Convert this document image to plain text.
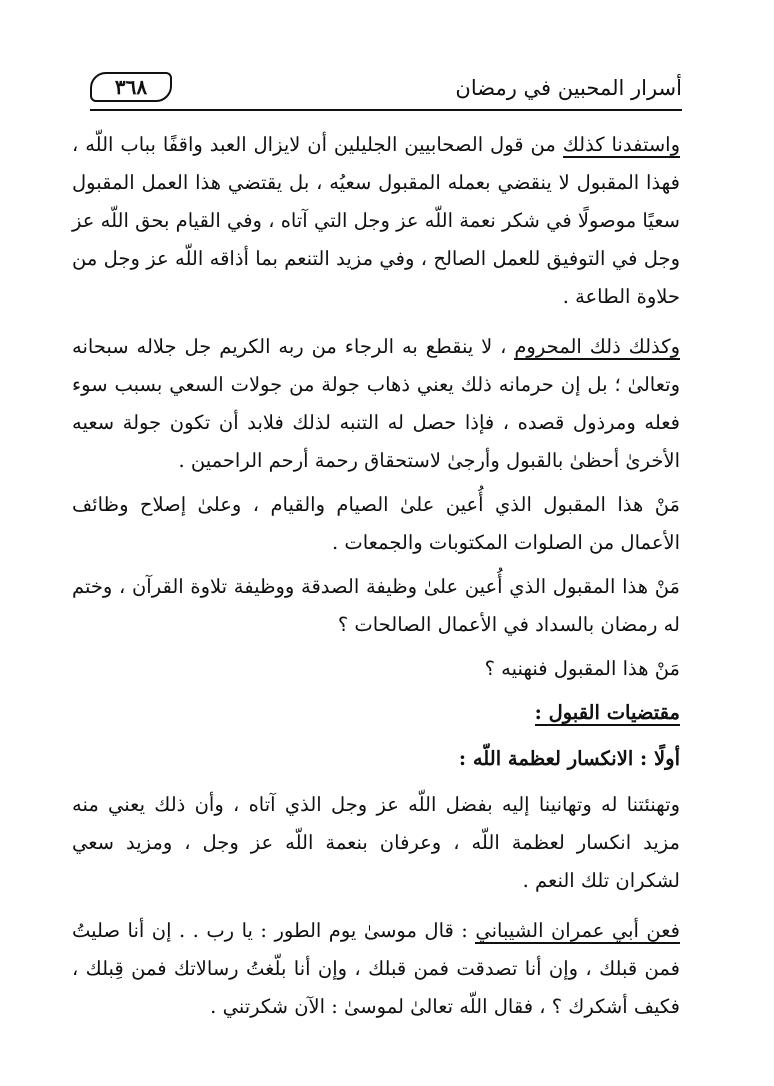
أسرار المحبين في رمضان
٣٦٨

واستفدنا كذلك من قول الصحابيين الجليلين أن لايزال العبد واقفًا بباب اللّه ، فهذا المقبول لا ينقضي بعمله المقبول سعيُه ، بل يقتضي هذا العمل المقبول سعيًا موصولًا في شكر نعمة اللّه عز وجل التي آتاه ، وفي القيام بحق اللّه عز وجل في التوفيق للعمل الصالح ، وفي مزيد التنعم بما أذاقه اللّه عز وجل من حلاوة الطاعة .

وكذلك ذلك المحروم ، لا ينقطع به الرجاء من ربه الكريم جل جلاله سبحانه وتعالىٰ ؛ بل إن حرمانه ذلك يعني ذهاب جولة من جولات السعي بسبب سوء فعله ومرذول قصده ، فإذا حصل له التنبه لذلك فلابد أن تكون جولة سعيه الأخرىٰ أحظىٰ بالقبول وأرجىٰ لاستحقاق رحمة أرحم الراحمين .

مَنْ هذا المقبول الذي أُعين علىٰ الصيام والقيام ، وعلىٰ إصلاح وظائف الأعمال من الصلوات المكتوبات والجمعات .

مَنْ هذا المقبول الذي أُعين علىٰ وظيفة الصدقة ووظيفة تلاوة القرآن ، وختم له رمضان بالسداد في الأعمال الصالحات ؟

مَنْ هذا المقبول فنهنيه ؟

مقتضيات القبول :

أولًا : الانكسار لعظمة اللّه :

وتهنئتنا له وتهانينا إليه بفضل اللّه عز وجل الذي آتاه ، وأن ذلك يعني منه مزيد انكسار لعظمة اللّه ، وعرفان بنعمة اللّه عز وجل ، ومزيد سعي لشكران تلك النعم .

فعن أبي عمران الشيباني : قال موسىٰ يوم الطور : يا رب . . إن أنا صليتُ فمن قبلك ، وإن أنا تصدقت فمن قبلك ، وإن أنا بلّغتُ رسالاتك فمن قِبلك ، فكيف أشكرك ؟ ، فقال اللّه تعالىٰ لموسىٰ : الآن شكرتني .
